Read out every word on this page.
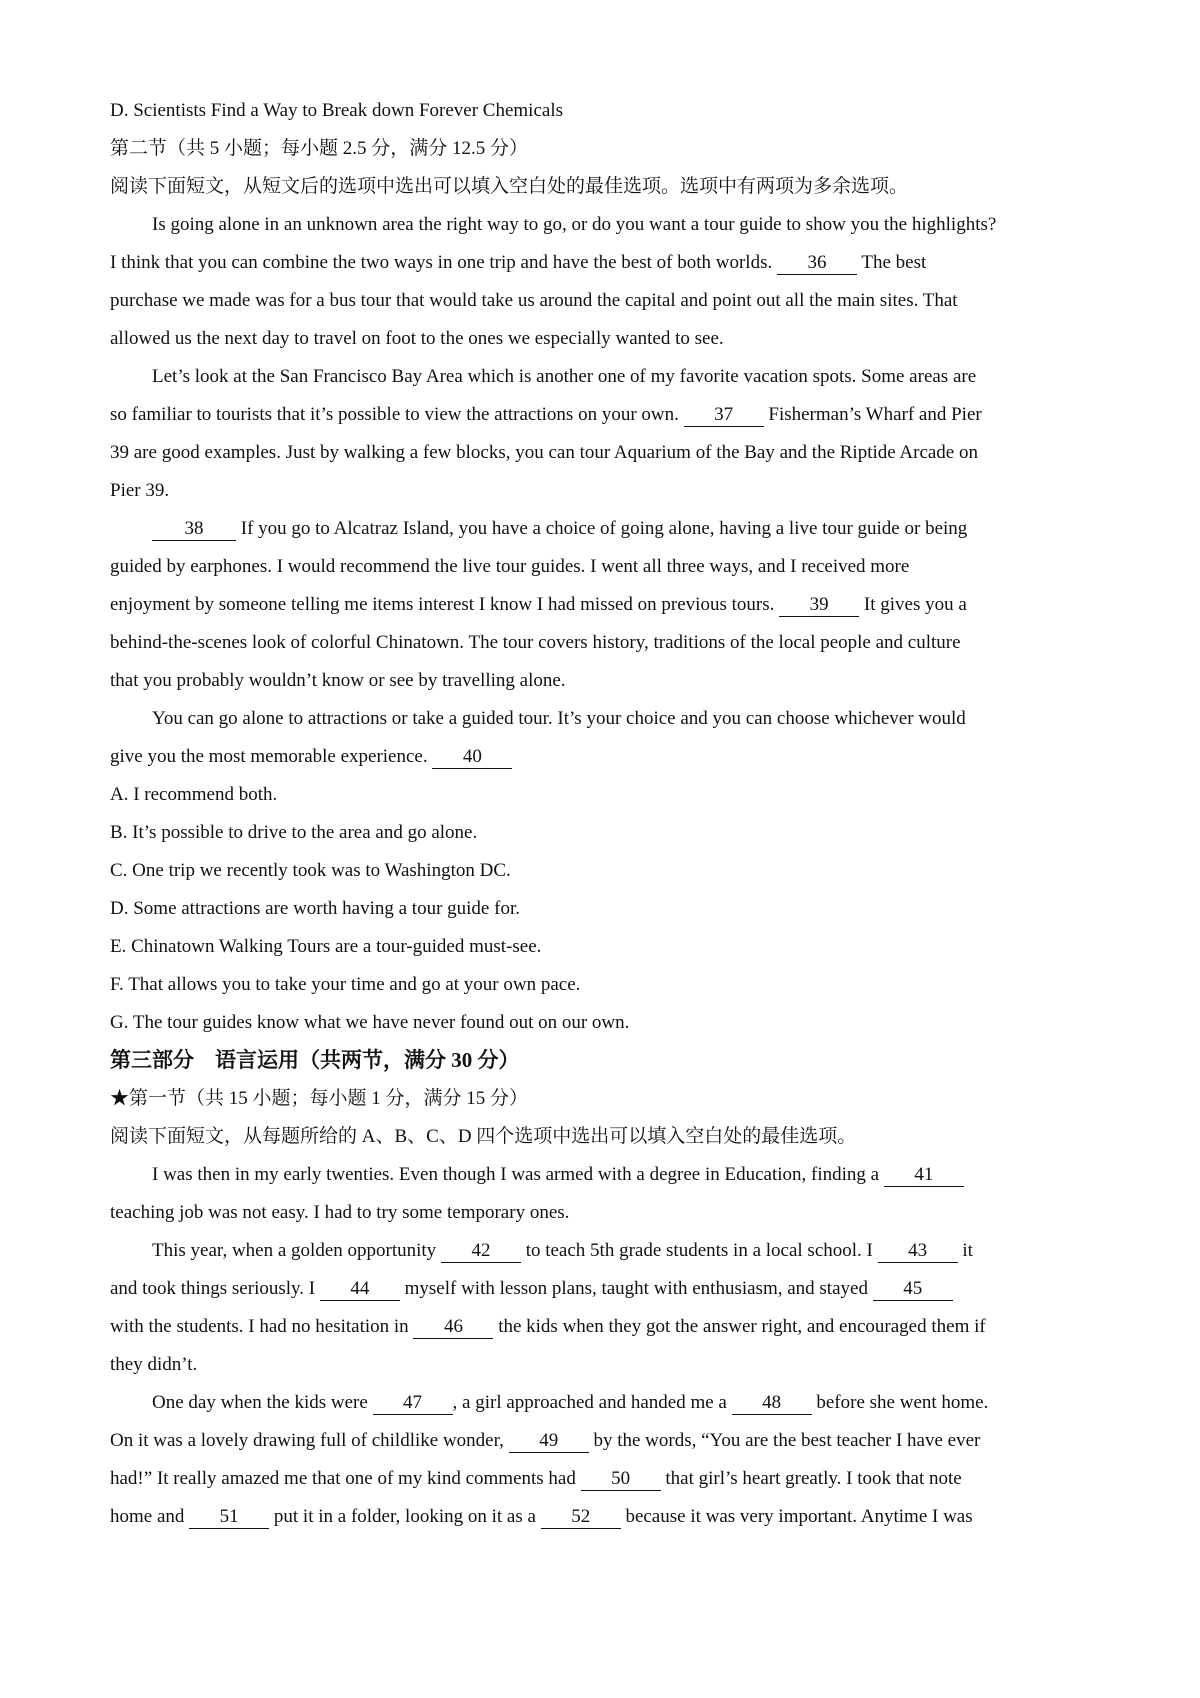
D. Scientists Find a Way to Break down Forever Chemicals
第二节（共 5 小题；每小题 2.5 分，满分 12.5 分）
阅读下面短文，从短文后的选项中选出可以填入空白处的最佳选项。选项中有两项为多余选项。
Is going alone in an unknown area the right way to go, or do you want a tour guide to show you the highlights?
I think that you can combine the two ways in one trip and have the best of both worlds. 36 The best
purchase we made was for a bus tour that would take us around the capital and point out all the main sites. That
allowed us the next day to travel on foot to the ones we especially wanted to see.
Let’s look at the San Francisco Bay Area which is another one of my favorite vacation spots. Some areas are
so familiar to tourists that it’s possible to view the attractions on your own. 37 Fisherman’s Wharf and Pier
39 are good examples. Just by walking a few blocks, you can tour Aquarium of the Bay and the Riptide Arcade on
Pier 39.
38 If you go to Alcatraz Island, you have a choice of going alone, having a live tour guide or being
guided by earphones. I would recommend the live tour guides. I went all three ways, and I received more
enjoyment by someone telling me items interest I know I had missed on previous tours. 39 It gives you a
behind-the-scenes look of colorful Chinatown. The tour covers history, traditions of the local people and culture
that you probably wouldn’t know or see by travelling alone.
You can go alone to attractions or take a guided tour. It’s your choice and you can choose whichever would
give you the most memorable experience. 40
A. I recommend both.
B. It’s possible to drive to the area and go alone.
C. One trip we recently took was to Washington DC.
D. Some attractions are worth having a tour guide for.
E. Chinatown Walking Tours are a tour-guided must-see.
F. That allows you to take your time and go at your own pace.
G. The tour guides know what we have never found out on our own.
第三部分　语言运用（共两节，满分 30 分）
★第一节（共 15 小题；每小题 1 分，满分 15 分）
阅读下面短文，从每题所给的 A、B、C、D 四个选项中选出可以填入空白处的最佳选项。
I was then in my early twenties. Even though I was armed with a degree in Education, finding a 41
teaching job was not easy. I had to try some temporary ones.
This year, when a golden opportunity 42 to teach 5th grade students in a local school. I 43 it
and took things seriously. I 44 myself with lesson plans, taught with enthusiasm, and stayed 45
with the students. I had no hesitation in 46 the kids when they got the answer right, and encouraged them if
they didn’t.
One day when the kids were 47 , a girl approached and handed me a 48 before she went home.
On it was a lovely drawing full of childlike wonder, 49 by the words, “You are the best teacher I have ever
had!” It really amazed me that one of my kind comments had 50 that girl’s heart greatly. I took that note
home and 51 put it in a folder, looking on it as a 52 because it was very important. Anytime I was
